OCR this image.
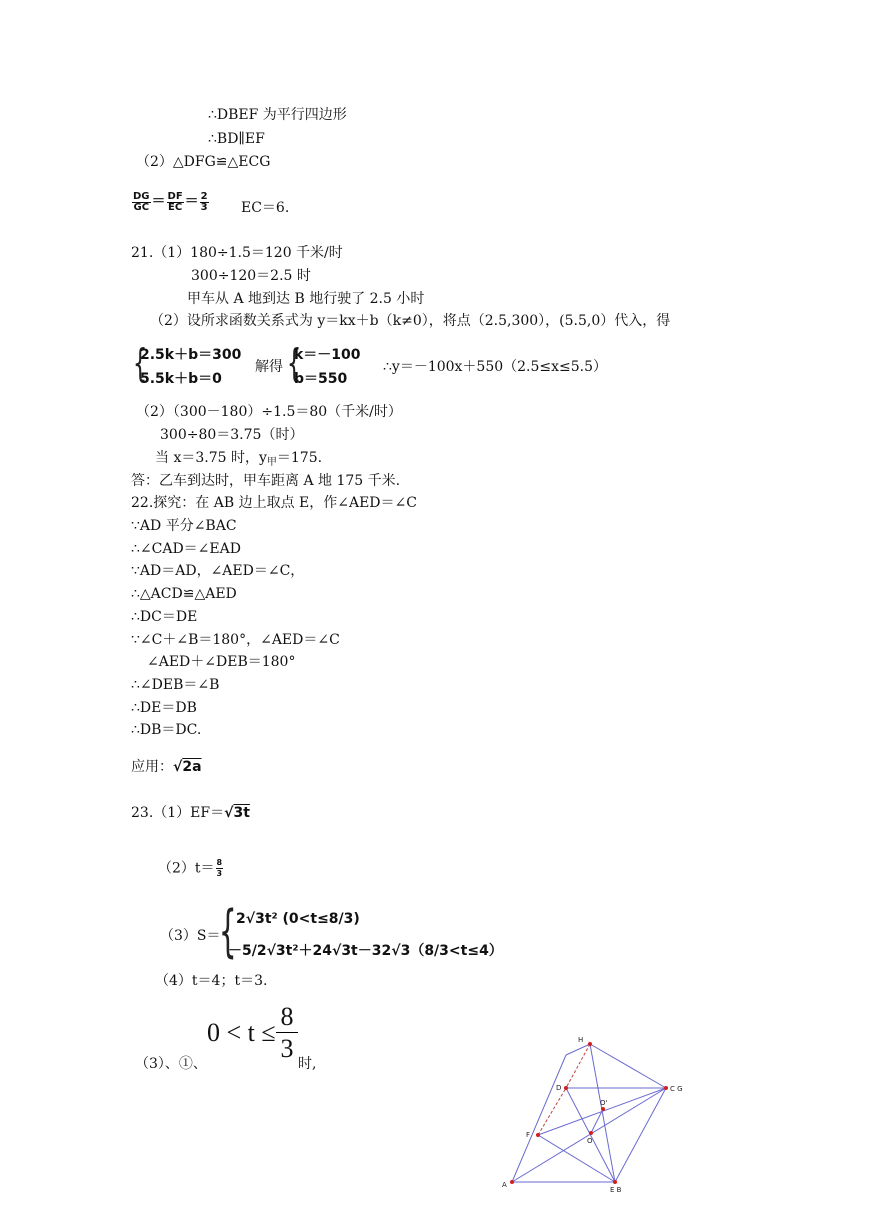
∴DBEF 为平行四边形
∴BD∥EF
（2）△DFG≌△ECG
$\frac{DG}{GC} = \frac{DF}{EC} = \frac{2}{3} EC=6$.
21.（1）180÷1.5＝120 千米/时
300÷120＝2.5 时
甲车从 A 地到达 B 地行驶了 2.5 小时
（2）设所求函数关系式为 y＝kx＋b（k≠0），将点（2.5,300），(5.5,0）代入，得
{
2.5k＋b＝300
5.5k＋b＝0
解得 {
k＝－100
b＝550
∴y＝－100x＋550（2.5≤x≤5.5）
（2）（300－180）÷1.5＝80（千米/时）
300÷80＝3.75（时）
当 x＝3.75 时，$y_甲=175$.
答：乙车到达时，甲车距离 A 地 175 千米.
22.探究：在 AB 边上取点 E，作∠AED＝∠C
∵AD 平分∠BAC
∴∠CAD＝∠EAD
∵AD＝AD，∠AED＝∠C，
∴△ACD≌△AED
∴DC＝DE
∵∠C＋∠B＝180°，∠AED＝∠C
∠AED＋∠DEB＝180°
∴∠DEB＝∠B
∴DE＝DB
∴DB＝DC.
应用：√2a
23.（1）EF＝√3t
$(2)t= \frac{8}{3}$
（3）S＝
{ 2√3t² (0<t≤8/3)
－5/2√3t²＋24√3t－32√3（8/3<t≤4）
（4）t＝4；t＝3.
（3）、①、
0 < t ≤
8
3
时,
H
D	C G
O'
F
O
A
E B
